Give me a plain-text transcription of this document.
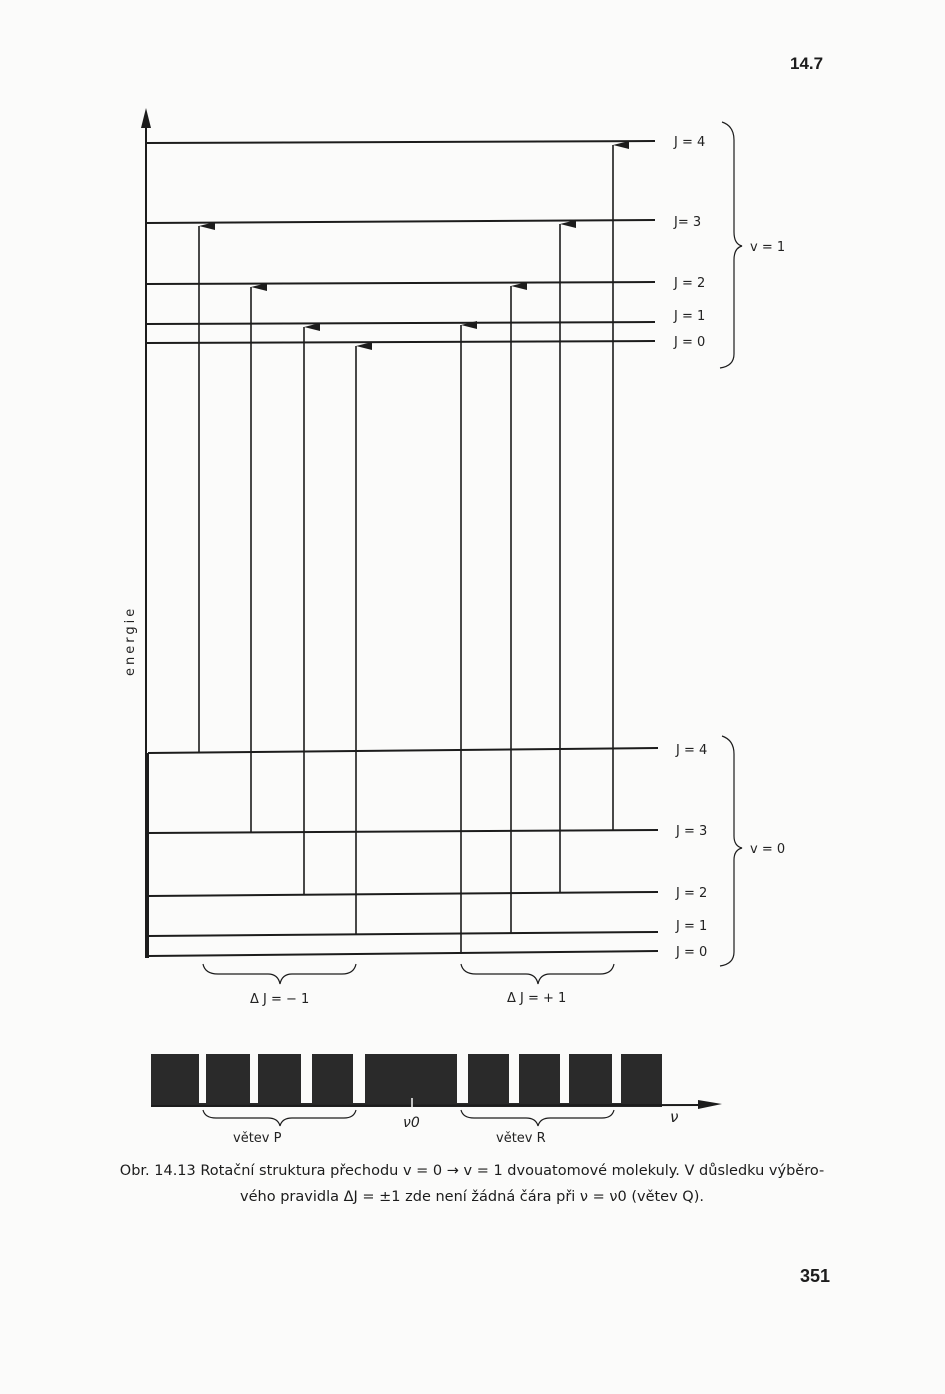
14.7
energie
J = 4
J= 3
J = 2
J = 1
J = 0
v = 1
J = 4
J = 3
J = 2
J = 1
J = 0
v = 0
Δ J = − 1	Δ J = + 1
ν
ν0
větev P	větev R
Obr. 14.13 Rotační struktura přechodu v = 0 → v = 1 dvouatomové molekuly. V důsledku výběro-
vého pravidla ΔJ = ±1 zde není žádná čára při ν = ν0 (větev Q).
351
